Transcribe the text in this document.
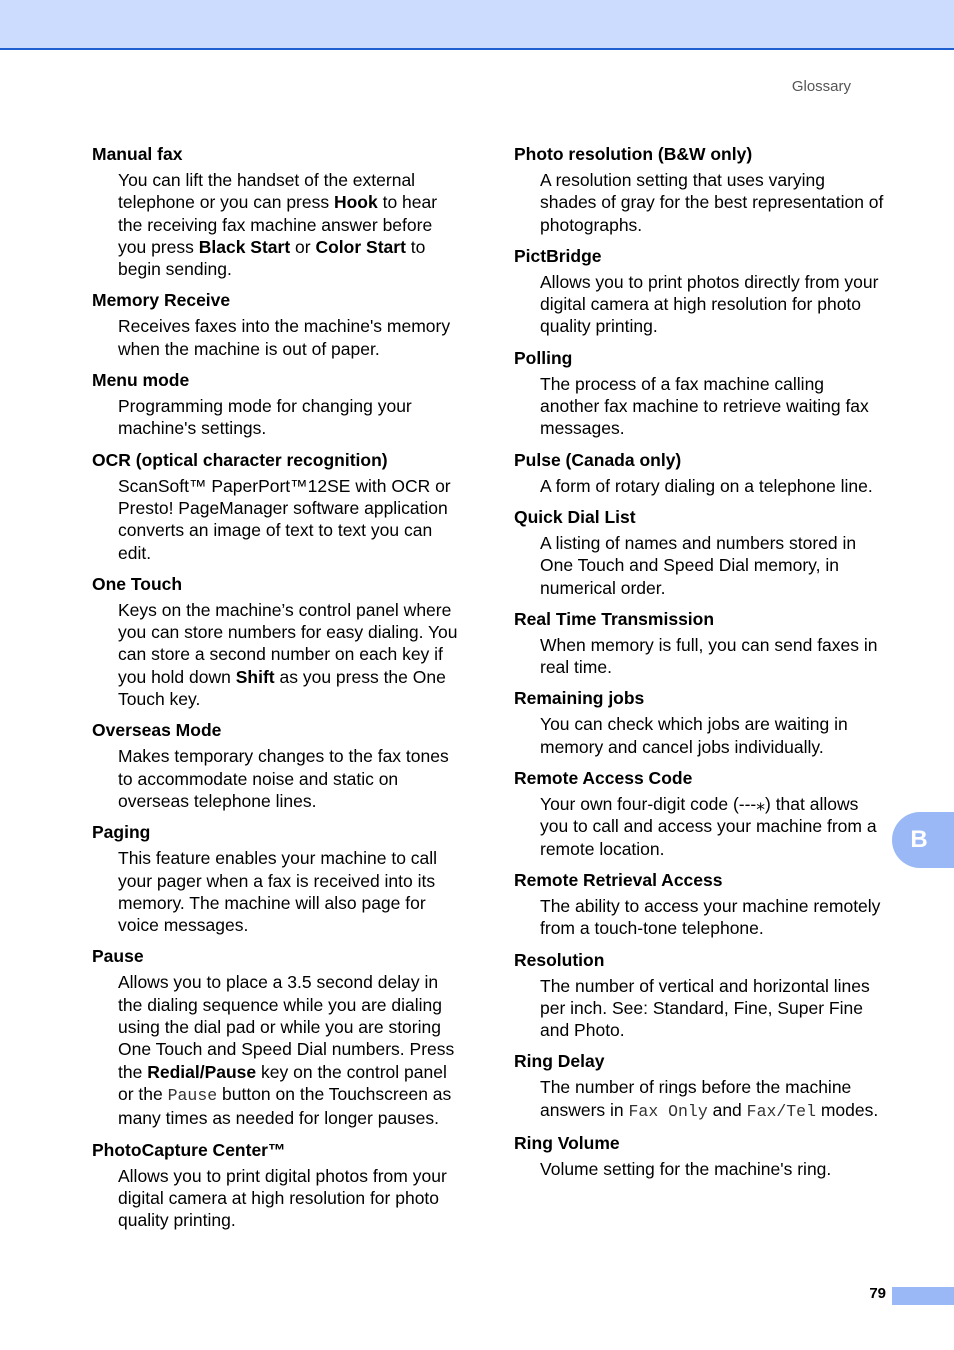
Glossary

Manual fax

You can lift the handset of the external telephone or you can press Hook to hear the receiving fax machine answer before you press Black Start or Color Start to begin sending.

Memory Receive

Receives faxes into the machine's memory when the machine is out of paper.

Menu mode

Programming mode for changing your machine's settings.

OCR (optical character recognition)

ScanSoft™ PaperPort™12SE with OCR or Presto! PageManager software application converts an image of text to text you can edit.

One Touch

Keys on the machine’s control panel where you can store numbers for easy dialing. You can store a second number on each key if you hold down Shift as you press the One Touch key.

Overseas Mode

Makes temporary changes to the fax tones to accommodate noise and static on overseas telephone lines.

Paging

This feature enables your machine to call your pager when a fax is received into its memory. The machine will also page for voice messages.

Pause

Allows you to place a 3.5 second delay in the dialing sequence while you are dialing using the dial pad or while you are storing One Touch and Speed Dial numbers. Press the Redial/Pause key on the control panel or the Pause button on the Touchscreen as many times as needed for longer pauses.

PhotoCapture Center™

Allows you to print digital photos from your digital camera at high resolution for photo quality printing.

Photo resolution (B&W only)

A resolution setting that uses varying shades of gray for the best representation of photographs.

PictBridge

Allows you to print photos directly from your digital camera at high resolution for photo quality printing.

Polling

The process of a fax machine calling another fax machine to retrieve waiting fax messages.

Pulse (Canada only)

A form of rotary dialing on a telephone line.

Quick Dial List

A listing of names and numbers stored in One Touch and Speed Dial memory, in numerical order.

Real Time Transmission

When memory is full, you can send faxes in real time.

Remaining jobs

You can check which jobs are waiting in memory and cancel jobs individually.

Remote Access Code

Your own four-digit code (---⁎) that allows you to call and access your machine from a remote location.

Remote Retrieval Access

The ability to access your machine remotely from a touch-tone telephone.

Resolution

The number of vertical and horizontal lines per inch. See: Standard, Fine, Super Fine and Photo.

Ring Delay

The number of rings before the machine answers in Fax Only and Fax/Tel modes.

Ring Volume

Volume setting for the machine's ring.

B
79
